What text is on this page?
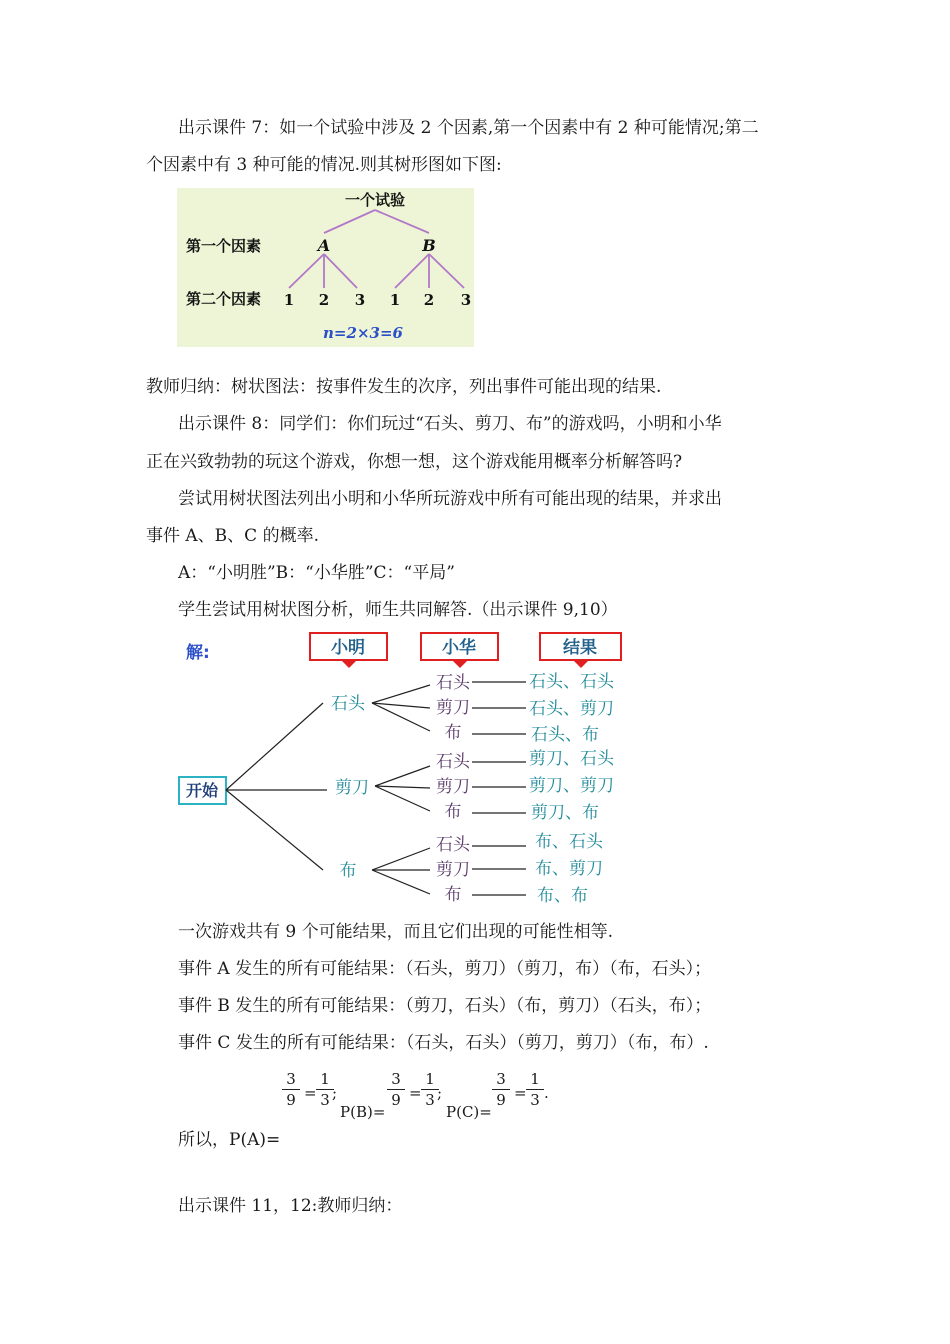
出示课件 7：如一个试验中涉及 2 个因素,第一个因素中有 2 种可能情况;第二
个因素中有 3 种可能的情况.则其树形图如下图:
一个试验
第一个因素	A	B
第二个因素 1 2 3 1 2 3
n=2×3=6
教师归纳：树状图法：按事件发生的次序，列出事件可能出现的结果.
出示课件 8：同学们：你们玩过“石头、剪刀、布”的游戏吗，小明和小华
正在兴致勃勃的玩这个游戏，你想一想，这个游戏能用概率分析解答吗?
尝试用树状图法列出小明和小华所玩游戏中所有可能出现的结果，并求出
事件 A、B、C 的概率.
A：“小明胜”B：“小华胜”C：“平局”
学生尝试用树状图分析，师生共同解答.（出示课件 9,10）
解:	小明	小华	结果
开始
石头
剪刀
布
石头
剪刀
布
石头
剪刀
布
石头
剪刀
布
石头、石头
石头、剪刀
石头、布
剪刀、石头
剪刀、剪刀
剪刀、布
布、石头
布、剪刀
布、布
一次游戏共有 9 个可能结果，而且它们出现的可能性相等.
事件 A 发生的所有可能结果：（石头，剪刀）（剪刀，布）（布，石头）；
事件 B 发生的所有可能结果：（剪刀，石头）（布，剪刀）（石头，布）；
事件 C 发生的所有可能结果：（石头，石头）（剪刀，剪刀）（布，布）.
3
9 =
1
3 ;
P(B)=
3
9 =
1
3 ;
P(C)=
3
9 =
1
3 .
所以，P(A)=
出示课件 11，12:教师归纳：
